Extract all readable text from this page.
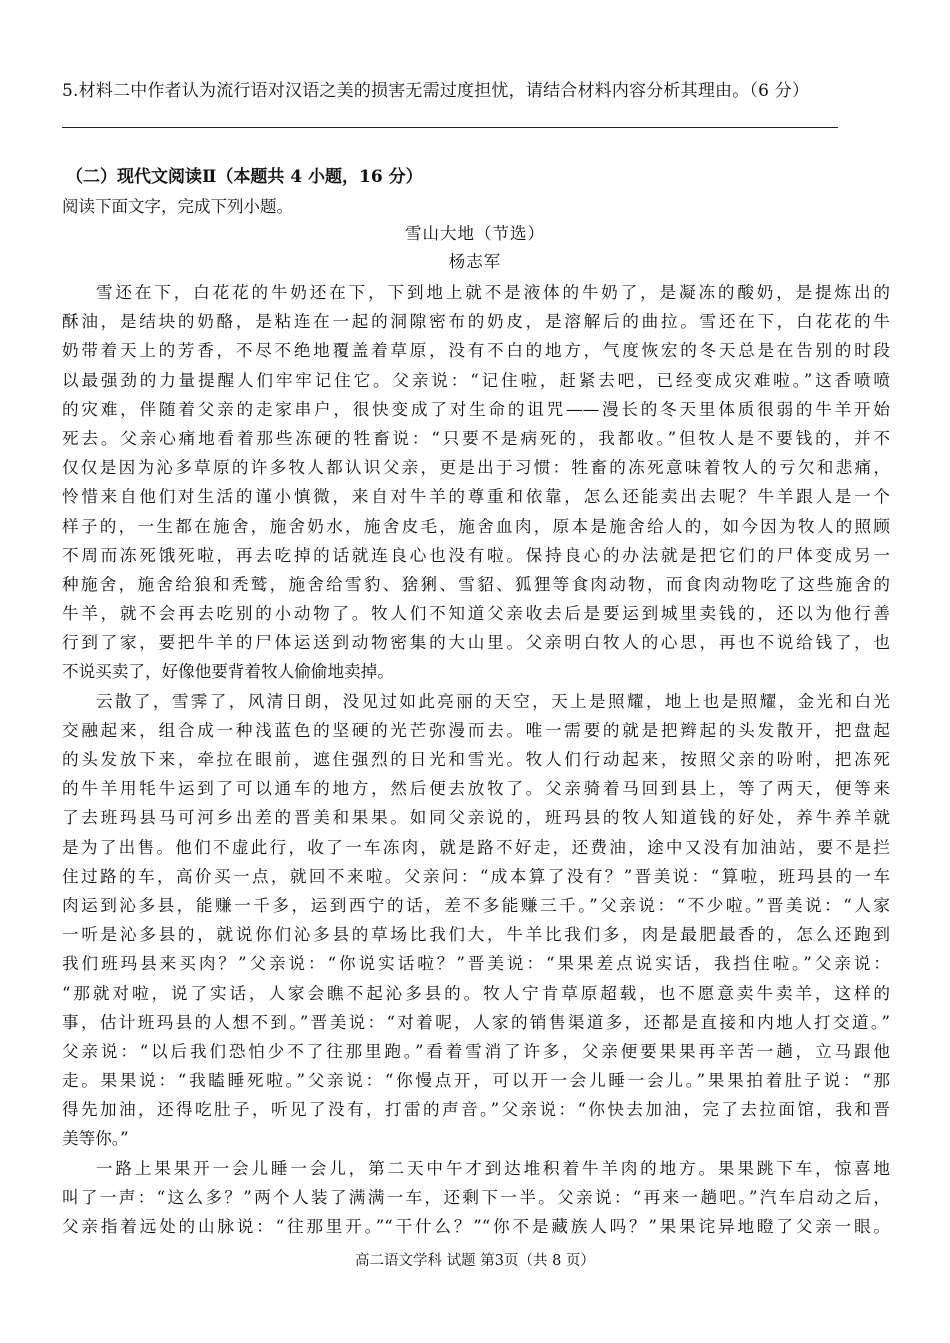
5.材料二中作者认为流行语对汉语之美的损害无需过度担忧，请结合材料内容分析其理由。（6 分）
（二）现代文阅读Ⅱ（本题共 4 小题，16 分）
阅读下面文字，完成下列小题。
雪山大地（节选）
杨志军
雪还在下，白花花的牛奶还在下，下到地上就不是液体的牛奶了，是凝冻的酸奶，是提炼出的
酥油，是结块的奶酪，是粘连在一起的洞隙密布的奶皮，是溶解后的曲拉。雪还在下，白花花的牛
奶带着天上的芳香，不尽不绝地覆盖着草原，没有不白的地方，气度恢宏的冬天总是在告别的时段
以最强劲的力量提醒人们牢牢记住它。父亲说：“记住啦，赶紧去吧，已经变成灾难啦。”这香喷喷
的灾难，伴随着父亲的走家串户，很快变成了对生命的诅咒——漫长的冬天里体质很弱的牛羊开始
死去。父亲心痛地看着那些冻硬的牲畜说：“只要不是病死的，我都收。”但牧人是不要钱的，并不
仅仅是因为沁多草原的许多牧人都认识父亲，更是出于习惯：牲畜的冻死意味着牧人的亏欠和悲痛，
怜惜来自他们对生活的谨小慎微，来自对牛羊的尊重和依靠，怎么还能卖出去呢？牛羊跟人是一个
样子的，一生都在施舍，施舍奶水，施舍皮毛，施舍血肉，原本是施舍给人的，如今因为牧人的照顾
不周而冻死饿死啦，再去吃掉的话就连良心也没有啦。保持良心的办法就是把它们的尸体变成另一
种施舍，施舍给狼和秃鹫，施舍给雪豹、猞猁、雪貂、狐狸等食肉动物，而食肉动物吃了这些施舍的
牛羊，就不会再去吃别的小动物了。牧人们不知道父亲收去后是要运到城里卖钱的，还以为他行善
行到了家，要把牛羊的尸体运送到动物密集的大山里。父亲明白牧人的心思，再也不说给钱了，也
不说买卖了，好像他要背着牧人偷偷地卖掉。
云散了，雪霁了，风清日朗，没见过如此亮丽的天空，天上是照耀，地上也是照耀，金光和白光
交融起来，组合成一种浅蓝色的坚硬的光芒弥漫而去。唯一需要的就是把辫起的头发散开，把盘起
的头发放下来，牵拉在眼前，遮住强烈的日光和雪光。牧人们行动起来，按照父亲的吩咐，把冻死
的牛羊用牦牛运到了可以通车的地方，然后便去放牧了。父亲骑着马回到县上，等了两天，便等来
了去班玛县马可河乡出差的晋美和果果。如同父亲说的，班玛县的牧人知道钱的好处，养牛养羊就
是为了出售。他们不虚此行，收了一车冻肉，就是路不好走，还费油，途中又没有加油站，要不是拦
住过路的车，高价买一点，就回不来啦。父亲问：“成本算了没有？”晋美说：“算啦，班玛县的一车
肉运到沁多县，能赚一千多，运到西宁的话，差不多能赚三千。”父亲说：“不少啦。”晋美说：“人家
一听是沁多县的，就说你们沁多县的草场比我们大，牛羊比我们多，肉是最肥最香的，怎么还跑到
我们班玛县来买肉？”父亲说：“你说实话啦？”晋美说：“果果差点说实话，我挡住啦。”父亲说：
“那就对啦，说了实话，人家会瞧不起沁多县的。牧人宁肯草原超载，也不愿意卖牛卖羊，这样的
事，估计班玛县的人想不到。”晋美说：“对着呢，人家的销售渠道多，还都是直接和内地人打交道。”
父亲说：“以后我们恐怕少不了往那里跑。”看着雪消了许多，父亲便要果果再辛苦一趟，立马跟他
走。果果说：“我瞌睡死啦。”父亲说：“你慢点开，可以开一会儿睡一会儿。”果果拍着肚子说：“那
得先加油，还得吃肚子，听见了没有，打雷的声音。”父亲说：“你快去加油，完了去拉面馆，我和晋
美等你。”
一路上果果开一会儿睡一会儿，第二天中午才到达堆积着牛羊肉的地方。果果跳下车，惊喜地
叫了一声：“这么多？”两个人装了满满一车，还剩下一半。父亲说：“再来一趟吧。”汽车启动之后，
父亲指着远处的山脉说：“往那里开。”“干什么？”“你不是藏族人吗？”果果诧异地瞪了父亲一眼。
高二语文学科 试题 第3页（共 8 页）
